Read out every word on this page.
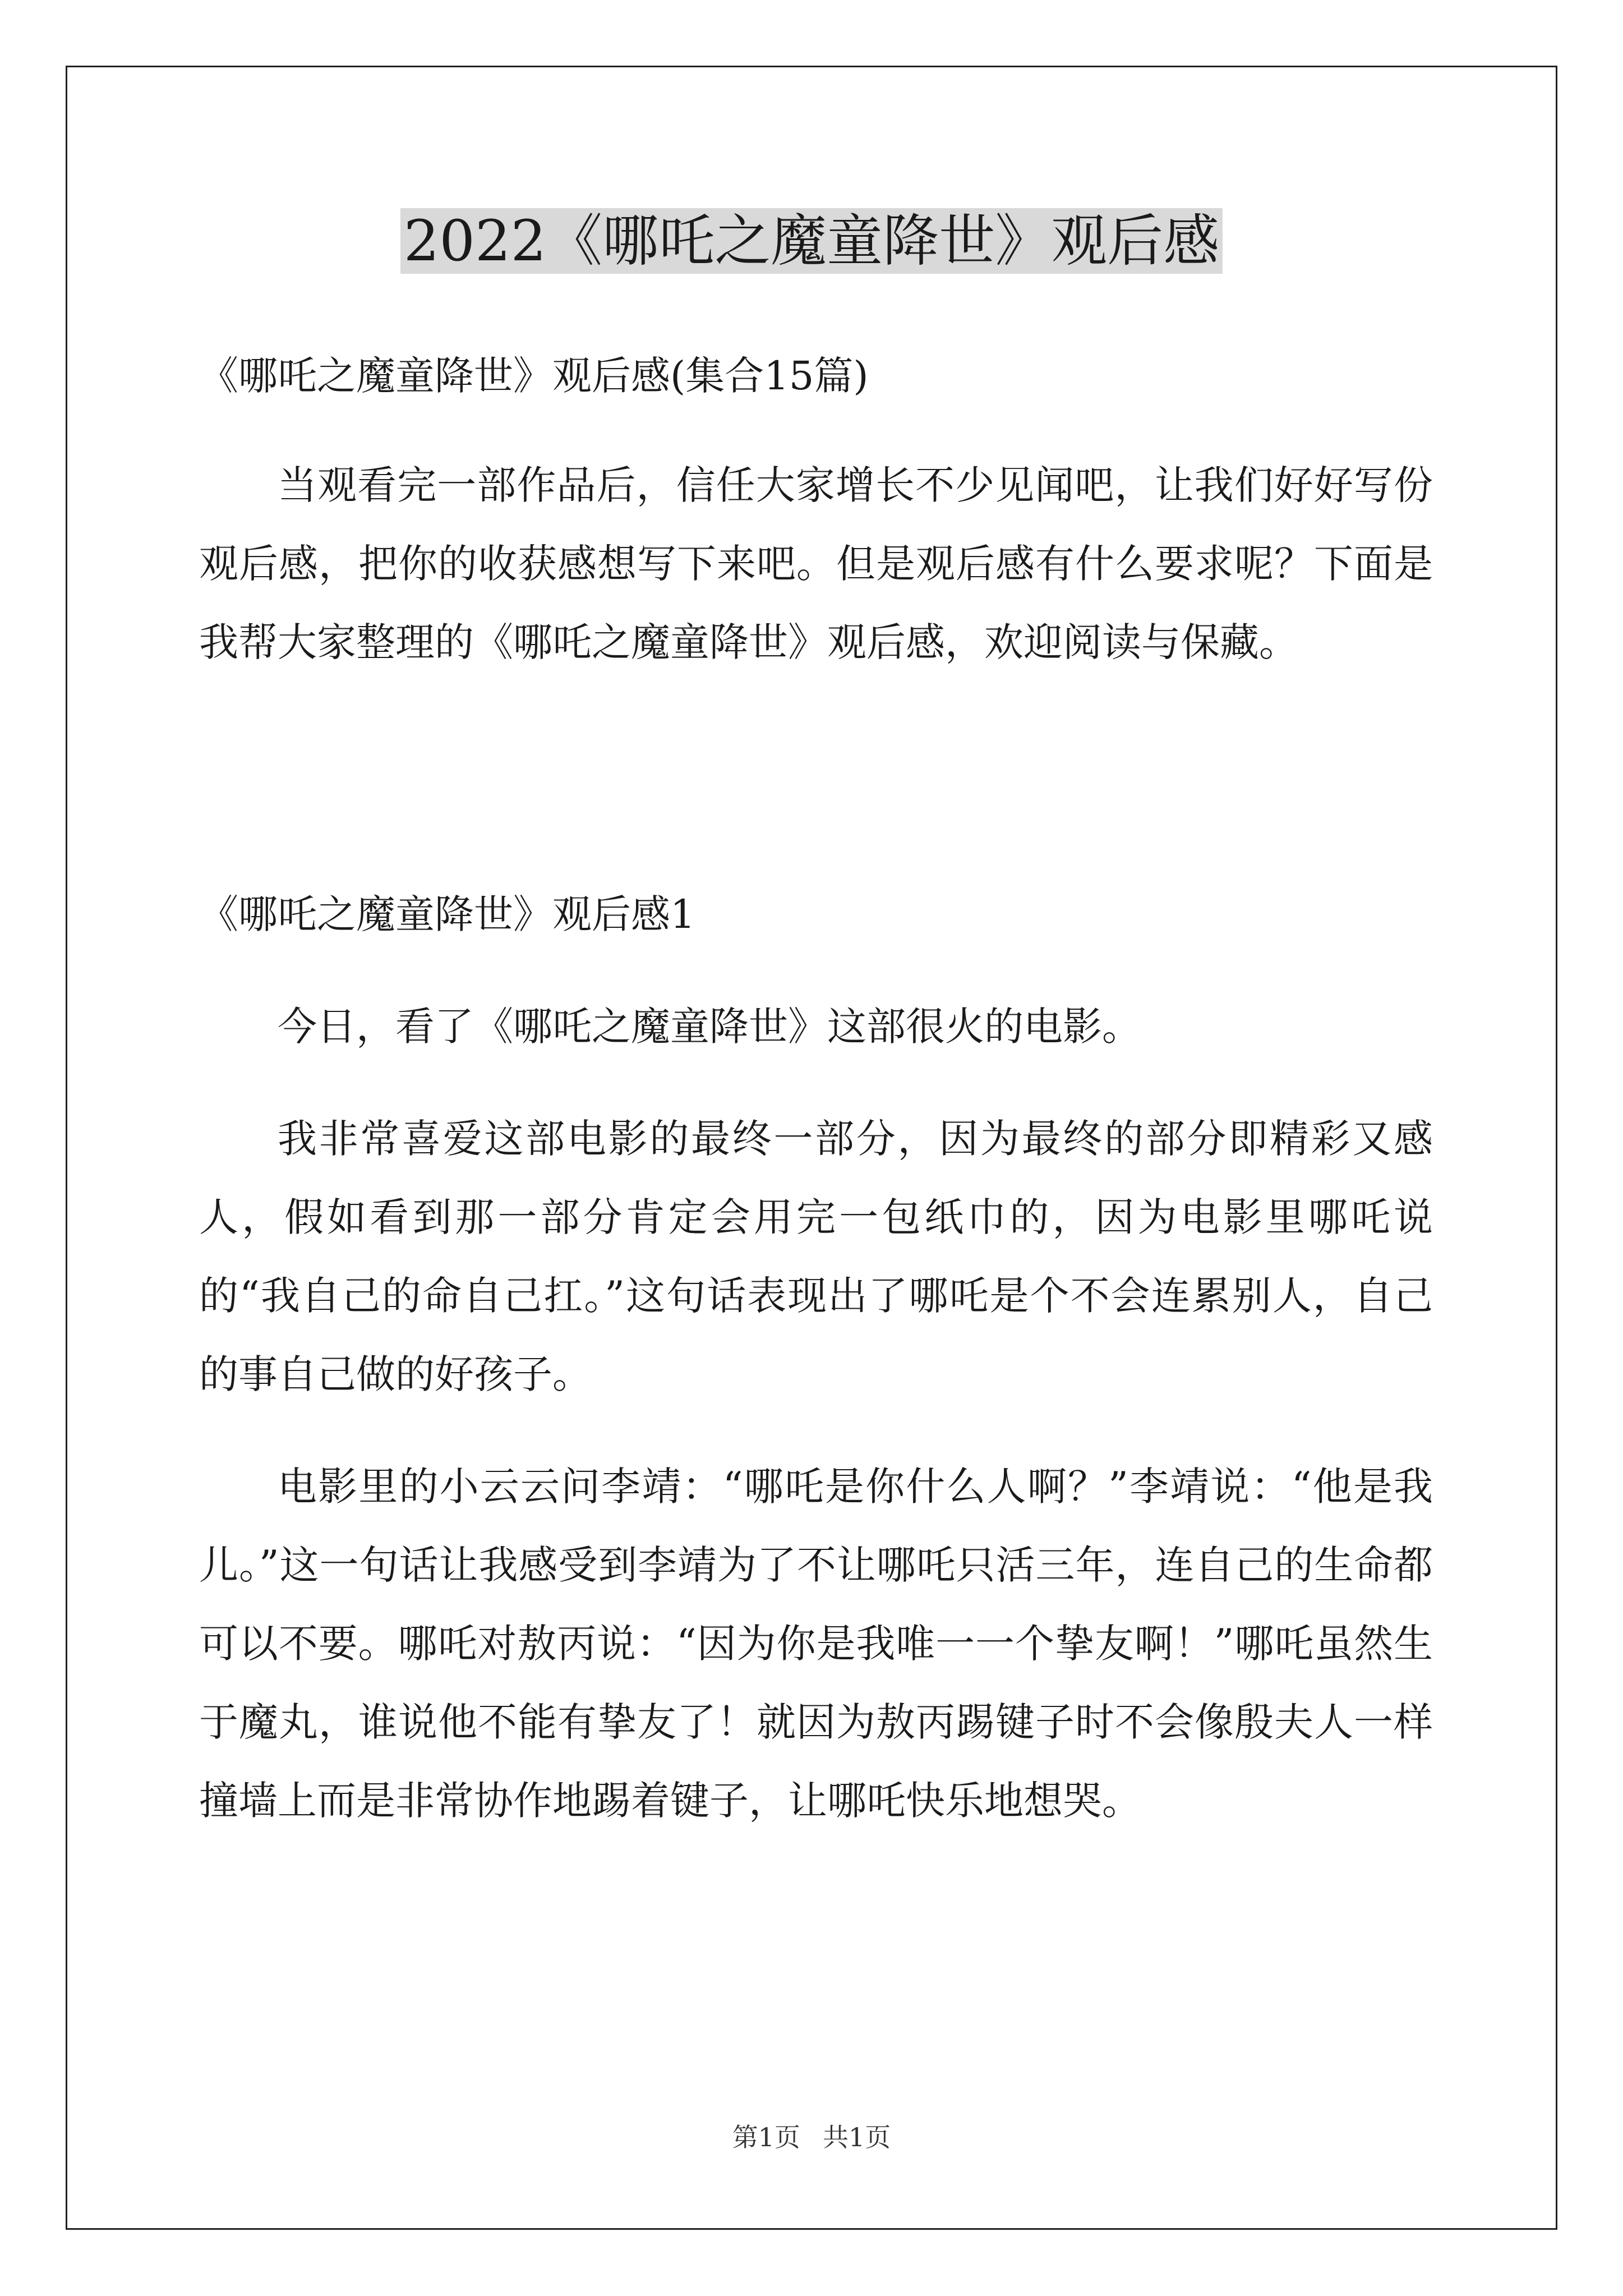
2022《哪吒之魔童降世》观后感

《哪吒之魔童降世》观后感(集合15篇)

当观看完一部作品后，信任大家增长不少见闻吧，让我们好好写份观后感，把你的收获感想写下来吧。但是观后感有什么要求呢？下面是我帮大家整理的《哪吒之魔童降世》观后感，欢迎阅读与保藏。

《哪吒之魔童降世》观后感1

今日，看了《哪吒之魔童降世》这部很火的电影。

我非常喜爱这部电影的最终一部分，因为最终的部分即精彩又感人，假如看到那一部分肯定会用完一包纸巾的，因为电影里哪吒说的“我自己的命自己扛。”这句话表现出了哪吒是个不会连累别人，自己的事自己做的好孩子。

电影里的小云云问李靖：“哪吒是你什么人啊？”李靖说：“他是我儿。”这一句话让我感受到李靖为了不让哪吒只活三年，连自己的生命都可以不要。哪吒对敖丙说：“因为你是我唯一一个挚友啊！”哪吒虽然生于魔丸，谁说他不能有挚友了！就因为敖丙踢键子时不会像殷夫人一样撞墙上而是非常协作地踢着键子，让哪吒快乐地想哭。

第1页 共1页
